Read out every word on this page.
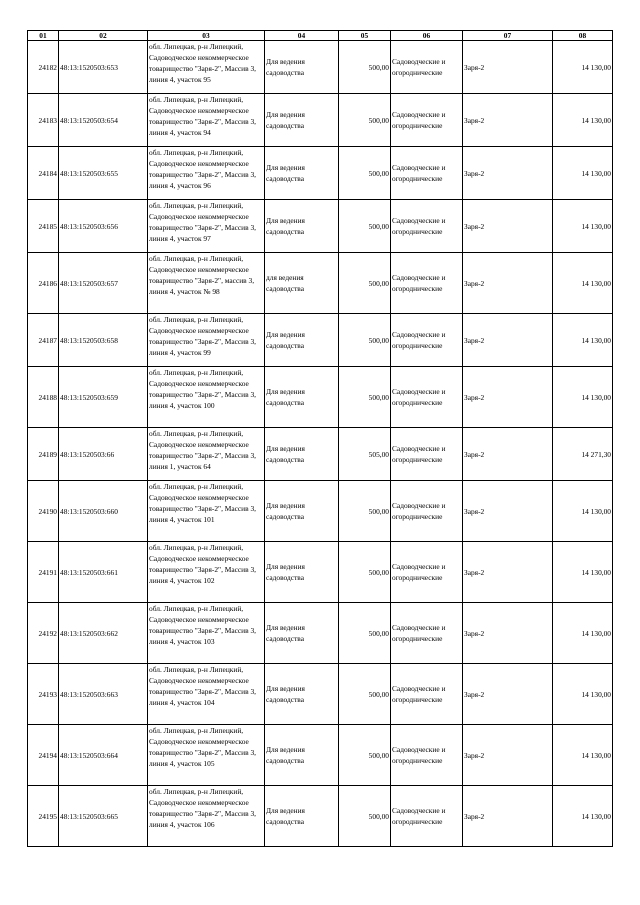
01	02	03	04	05	06	07	08
24182	48:13:1520503:653	обл. Липецкая, р-н Липецкий, Садоводческое некоммерческое товарищество "Заря-2", Массив 3, линия 4, участок 95	Для ведения садоводства	500,00	Садоводческие и огороднические	Заря-2	14 130,00
24183	48:13:1520503:654	обл. Липецкая, р-н Липецкий, Садоводческое некоммерческое товарищество "Заря-2", Массив 3, линия 4, участок 94	Для ведения садоводства	500,00	Садоводческие и огороднические	Заря-2	14 130,00
24184	48:13:1520503:655	обл. Липецкая, р-н Липецкий, Садоводческое некоммерческое товарищество "Заря-2", Массив 3, линия 4, участок 96	Для ведения садоводства	500,00	Садоводческие и огороднические	Заря-2	14 130,00
24185	48:13:1520503:656	обл. Липецкая, р-н Липецкий, Садоводческое некоммерческое товарищество "Заря-2", Массив 3, линия 4, участок 97	Для ведения садоводства	500,00	Садоводческие и огороднические	Заря-2	14 130,00
24186	48:13:1520503:657	обл. Липецкая, р-н Липецкий, Садоводческое некоммерческое товарищество "Заря-2", массив 3, линия 4, участок № 98	для ведения садоводства	500,00	Садоводческие и огороднические	Заря-2	14 130,00
24187	48:13:1520503:658	обл. Липецкая, р-н Липецкий, Садоводческое некоммерческое товарищество "Заря-2", Массив 3, линия 4, участок 99	Для ведения садоводства	500,00	Садоводческие и огороднические	Заря-2	14 130,00
24188	48:13:1520503:659	обл. Липецкая, р-н Липецкий, Садоводческое некоммерческое товарищество "Заря-2", Массив 3, линия 4, участок 100	Для ведения садоводства	500,00	Садоводческие и огороднические	Заря-2	14 130,00
24189	48:13:1520503:66	обл. Липецкая, р-н Липецкий, Садоводческое некоммерческое товарищество "Заря-2", Массив 3, линия 1, участок 64	Для ведения садоводства	505,00	Садоводческие и огороднические	Заря-2	14 271,30
24190	48:13:1520503:660	обл. Липецкая, р-н Липецкий, Садоводческое некоммерческое товарищество "Заря-2", Массив 3, линия 4, участок 101	Для ведения садоводства	500,00	Садоводческие и огороднические	Заря-2	14 130,00
24191	48:13:1520503:661	обл. Липецкая, р-н Липецкий, Садоводческое некоммерческое товарищество "Заря-2", Массив 3, линия 4, участок 102	Для ведения садоводства	500,00	Садоводческие и огороднические	Заря-2	14 130,00
24192	48:13:1520503:662	обл. Липецкая, р-н Липецкий, Садоводческое некоммерческое товарищество "Заря-2", Массив 3, линия 4, участок 103	Для ведения садоводства	500,00	Садоводческие и огороднические	Заря-2	14 130,00
24193	48:13:1520503:663	обл. Липецкая, р-н Липецкий, Садоводческое некоммерческое товарищество "Заря-2", Массив 3, линия 4, участок 104	Для ведения садоводства	500,00	Садоводческие и огороднические	Заря-2	14 130,00
24194	48:13:1520503:664	обл. Липецкая, р-н Липецкий, Садоводческое некоммерческое товарищество "Заря-2", Массив 3, линия 4, участок 105	Для ведения садоводства	500,00	Садоводческие и огороднические	Заря-2	14 130,00
24195	48:13:1520503:665	обл. Липецкая, р-н Липецкий, Садоводческое некоммерческое товарищество "Заря-2", Массив 3, линия 4, участок 106	Для ведения садоводства	500,00	Садоводческие и огороднические	Заря-2	14 130,00
